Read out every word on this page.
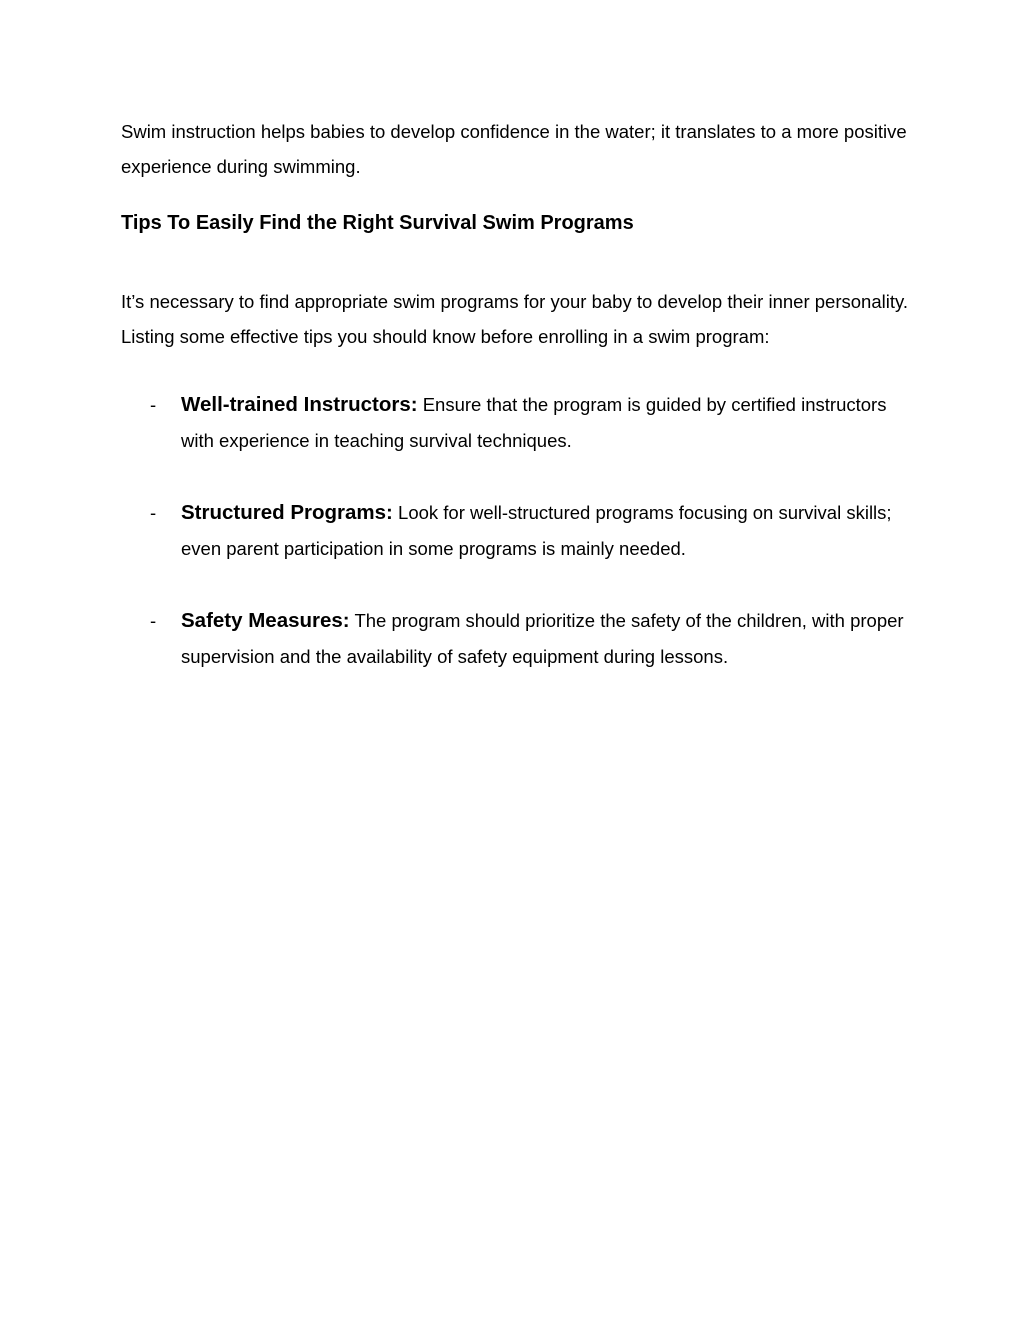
Swim instruction helps babies to develop confidence in the water; it translates to a more positive experience during swimming.

Tips To Easily Find the Right Survival Swim Programs

It’s necessary to find appropriate swim programs for your baby to develop their inner personality. Listing some effective tips you should know before enrolling in a swim program:

- Well-trained Instructors: Ensure that the program is guided by certified instructors with experience in teaching survival techniques.
- Structured Programs: Look for well-structured programs focusing on survival skills; even parent participation in some programs is mainly needed.
- Safety Measures: The program should prioritize the safety of the children, with proper supervision and the availability of safety equipment during lessons.
